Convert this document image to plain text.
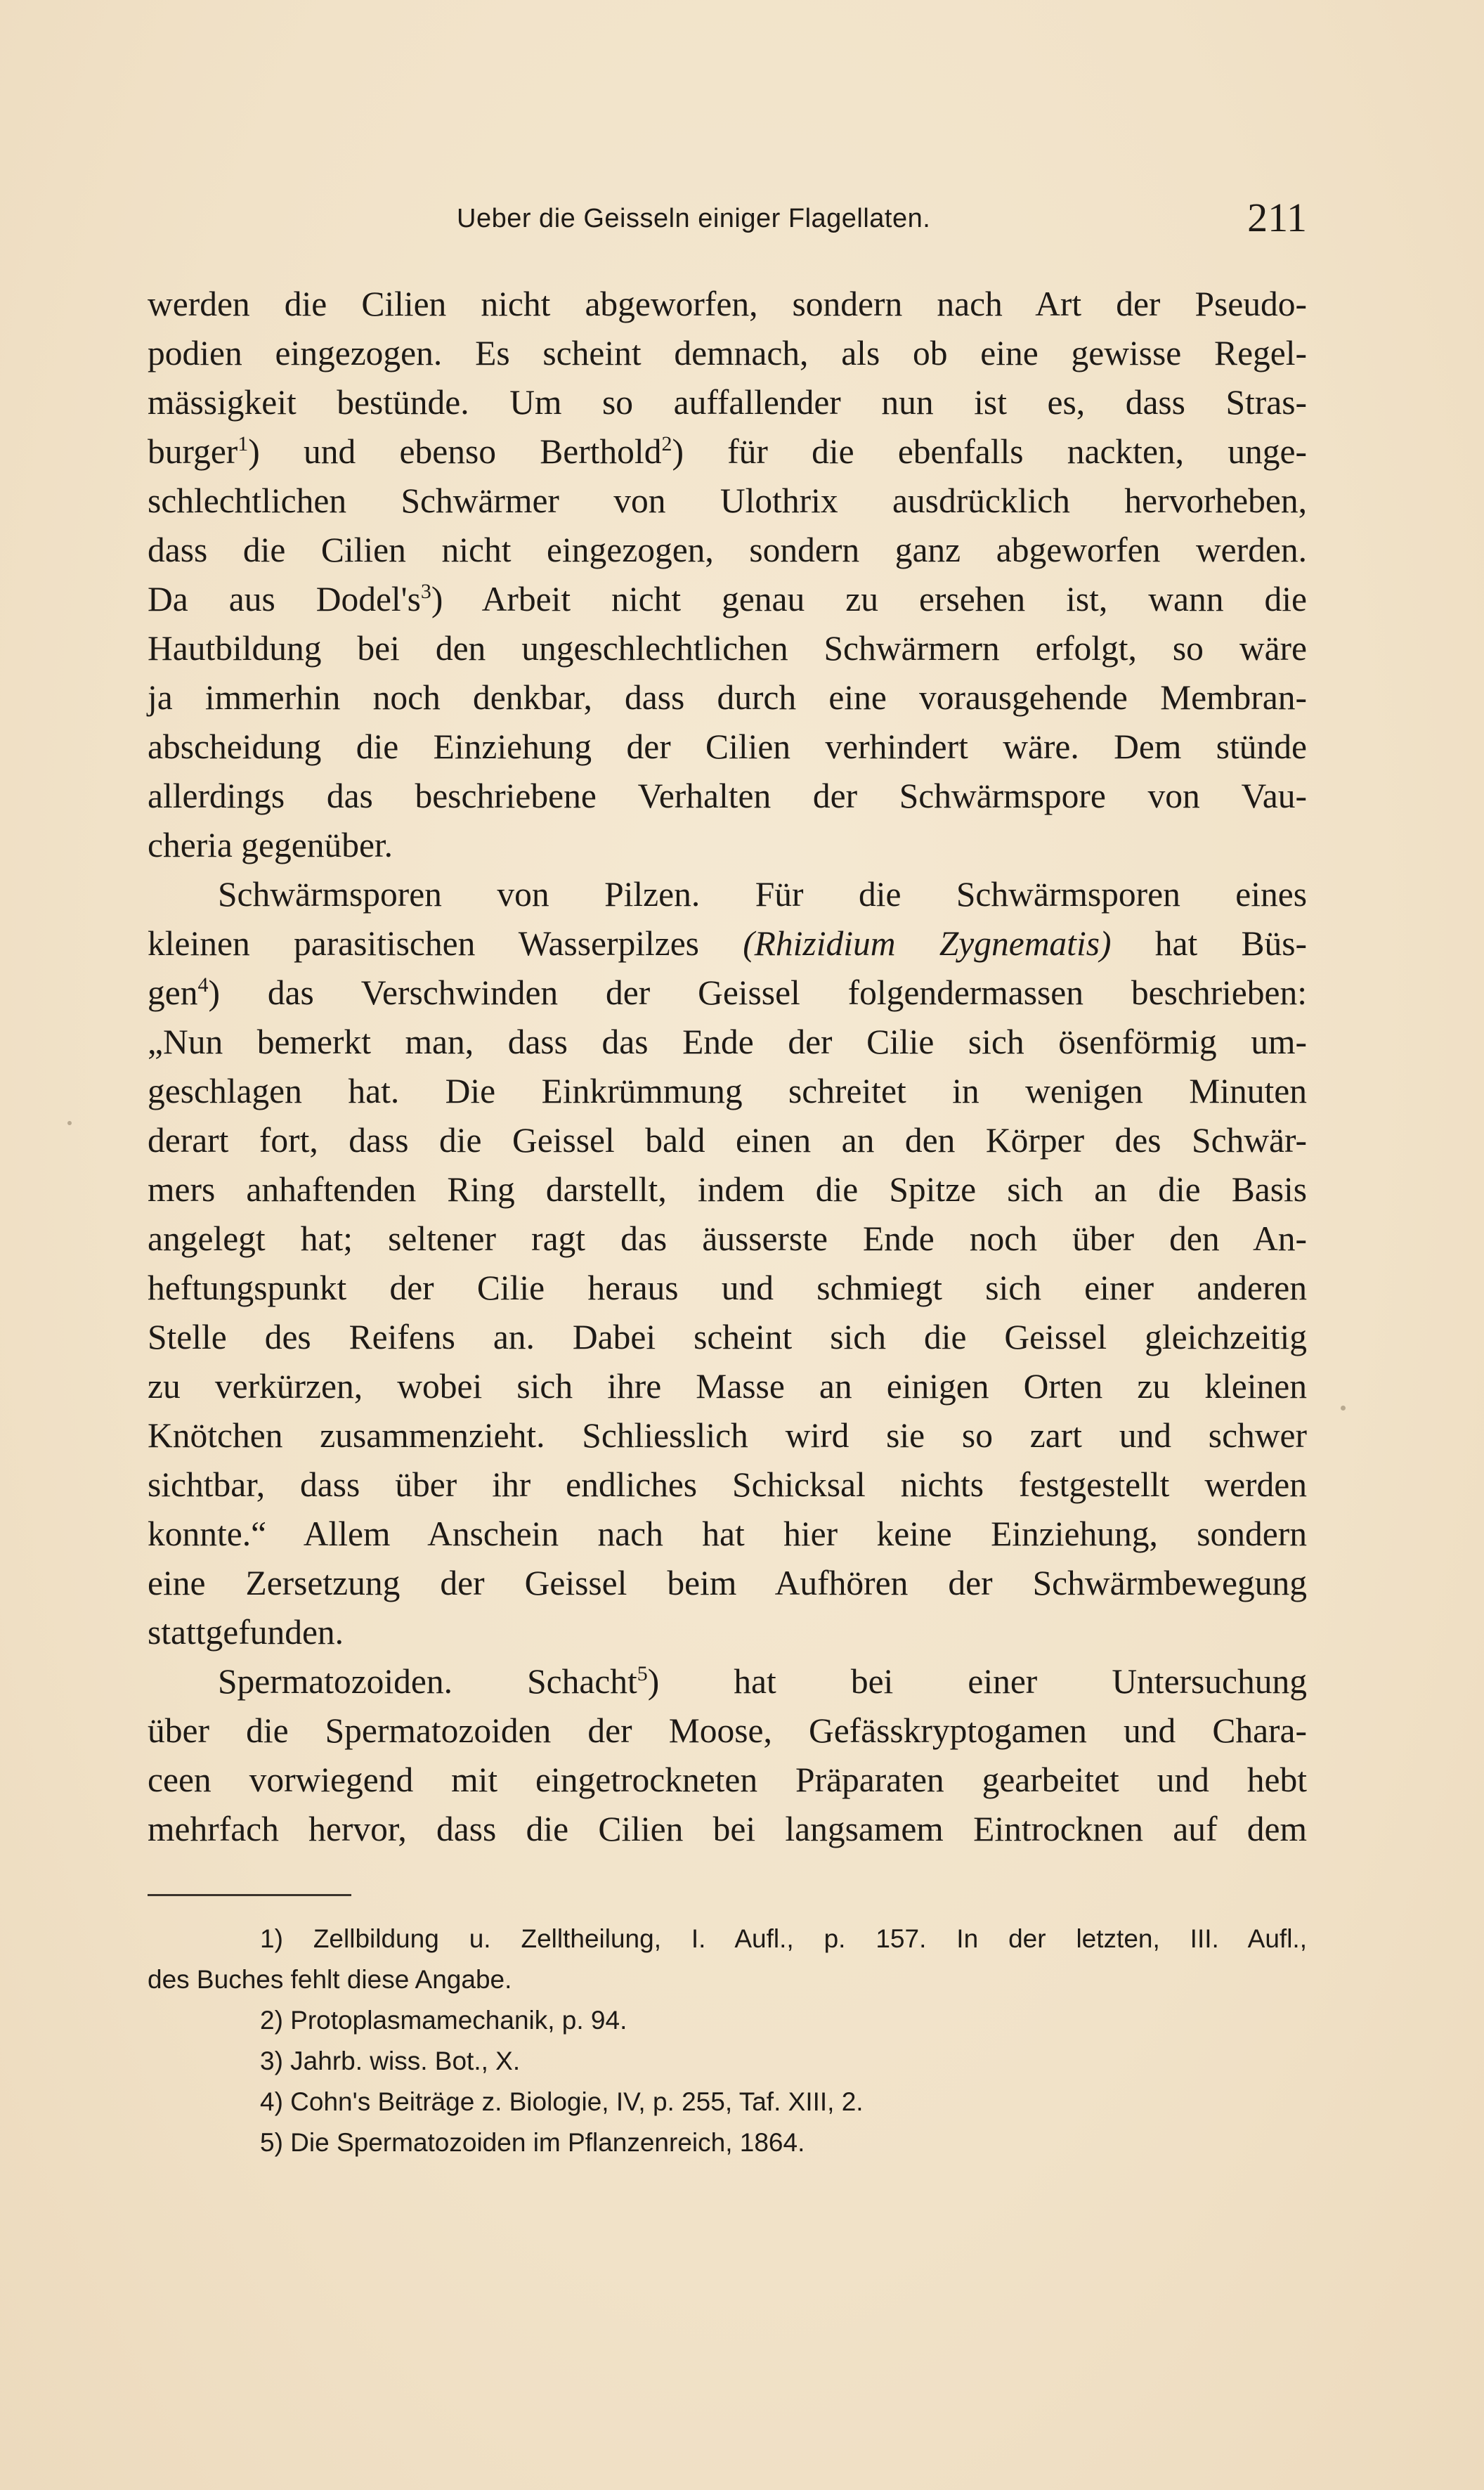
Ueber die Geisseln einiger Flagellaten.	211
werden die Cilien nicht abgeworfen, sondern nach Art der Pseudo-
podien eingezogen. Es scheint demnach, als ob eine gewisse Regel-
mässigkeit bestünde. Um so auffallender nun ist es, dass Stras-
burger$^1$) und ebenso Berthold$^2$) für die ebenfalls nackten, unge-
schlechtlichen Schwärmer von Ulothrix ausdrücklich hervorheben,
dass die Cilien nicht eingezogen, sondern ganz abgeworfen werden.
Da aus $Dodel's^3$) Arbeit nicht genau zu ersehen ist, wann die
Hautbildung bei den ungeschlechtlichen Schwärmern erfolgt, so wäre
ja immerhin noch denkbar, dass durch eine vorausgehende Membran-
abscheidung die Einziehung der Cilien verhindert wäre. Dem stünde
allerdings das beschriebene Verhalten der Schwärmspore von Vau-
cheria gegenüber.
Schwärmsporen von Pilzen. Für die Schwärmsporen eines
kleinen parasitischen Wasserpilzes (Rhizidium Zygnematis) hat Büs-
gen$^4$) das Verschwinden der Geissel folgendermassen beschrieben:
„Nun bemerkt man, dass das Ende der Cilie sich ösenförmig um-
geschlagen hat. Die Einkrümmung schreitet in wenigen Minuten
derart fort, dass die Geissel bald einen an den Körper des Schwär-
mers anhaftenden Ring darstellt, indem die Spitze sich an die Basis
angelegt hat; seltener ragt das äusserste Ende noch über den An-
heftungspunkt der Cilie heraus und schmiegt sich einer anderen
Stelle des Reifens an. Dabei scheint sich die Geissel gleichzeitig
zu verkürzen, wobei sich ihre Masse an einigen Orten zu kleinen
Knötchen zusammenzieht. Schliesslich wird sie so zart und schwer
sichtbar, dass über ihr endliches Schicksal nichts festgestellt werden
konnte.“ Allem Anschein nach hat hier keine Einziehung, sondern
eine Zersetzung der Geissel beim Aufhören der Schwärmbewegung
stattgefunden.
Spermatozoiden. Schacht$^5$) hat bei einer Untersuchung
über die Spermatozoiden der Moose, Gefässkryptogamen und Chara-
ceen vorwiegend mit eingetrockneten Präparaten gearbeitet und hebt
mehrfach hervor, dass die Cilien bei langsamem Eintrocknen auf dem
1) Zellbildung u. Zelltheilung, I. Aufl., p. 157. In der letzten, III. Aufl.,
des Buches fehlt diese Angabe.
2) Protoplasmamechanik, p. 94.
3) Jahrb. wiss. Bot., X.
4) Cohn's Beiträge z. Biologie, IV, p. 255, Taf. XIII, 2.
5) Die Spermatozoiden im Pflanzenreich, 1864.
